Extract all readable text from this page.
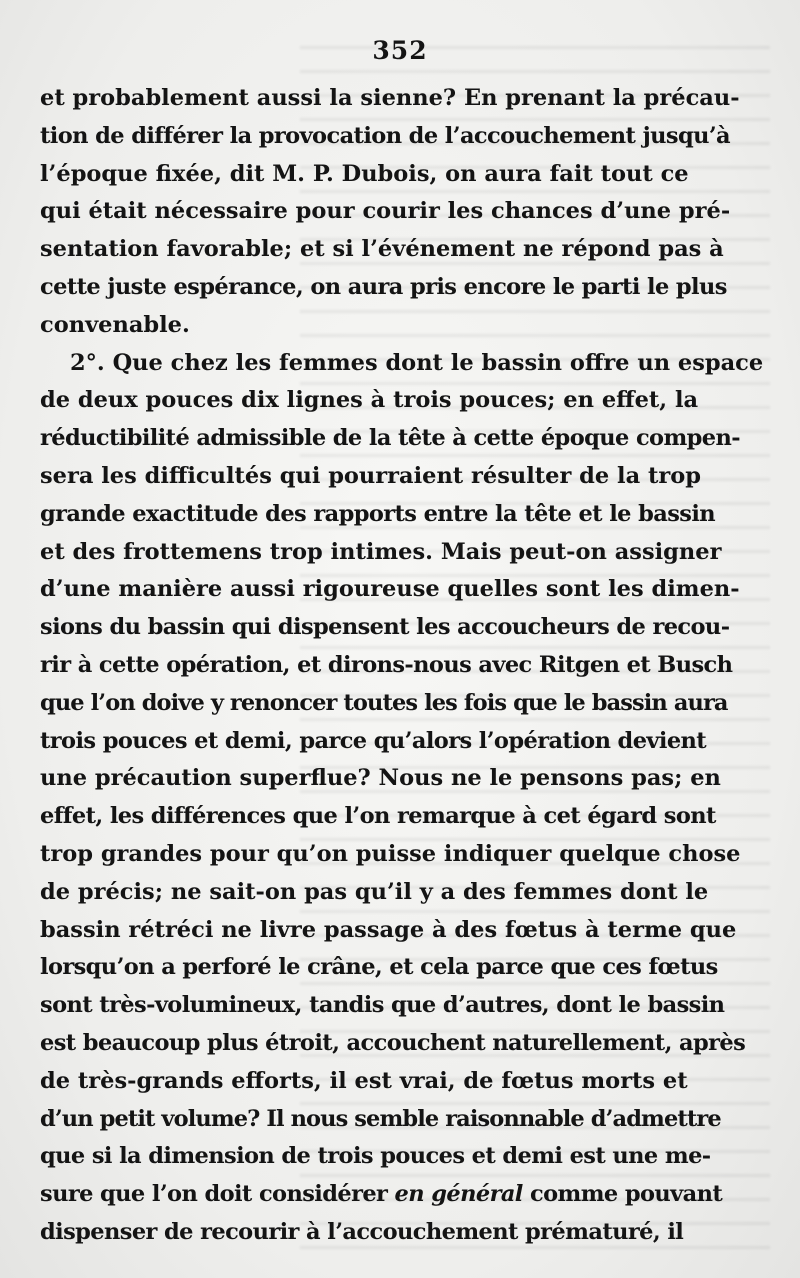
352
et probablement aussi la sienne? En prenant la précau-
tion de différer la provocation de l’accouchement jusqu’à
l’époque fixée, dit M. P. Dubois, on aura fait tout ce
qui était nécessaire pour courir les chances d’une pré-
sentation favorable; et si l’événement ne répond pas à
cette juste espérance, on aura pris encore le parti le plus
convenable.
2°. Que chez les femmes dont le bassin offre un espace
de deux pouces dix lignes à trois pouces; en effet, la
réductibilité admissible de la tête à cette époque compen-
sera les difficultés qui pourraient résulter de la trop
grande exactitude des rapports entre la tête et le bassin
et des frottemens trop intimes. Mais peut-on assigner
d’une manière aussi rigoureuse quelles sont les dimen-
sions du bassin qui dispensent les accoucheurs de recou-
rir à cette opération, et dirons-nous avec Ritgen et Busch
que l’on doive y renoncer toutes les fois que le bassin aura
trois pouces et demi, parce qu’alors l’opération devient
une précaution superflue? Nous ne le pensons pas; en
effet, les différences que l’on remarque à cet égard sont
trop grandes pour qu’on puisse indiquer quelque chose
de précis; ne sait-on pas qu’il y a des femmes dont le
bassin rétréci ne livre passage à des fœtus à terme que
lorsqu’on a perforé le crâne, et cela parce que ces fœtus
sont très-volumineux, tandis que d’autres, dont le bassin
est beaucoup plus étroit, accouchent naturellement, après
de très-grands efforts, il est vrai, de fœtus morts et
d’un petit volume? Il nous semble raisonnable d’admettre
que si la dimension de trois pouces et demi est une me-
sure que l’on doit considérer en général comme pouvant
dispenser de recourir à l’accouchement prématuré, il
